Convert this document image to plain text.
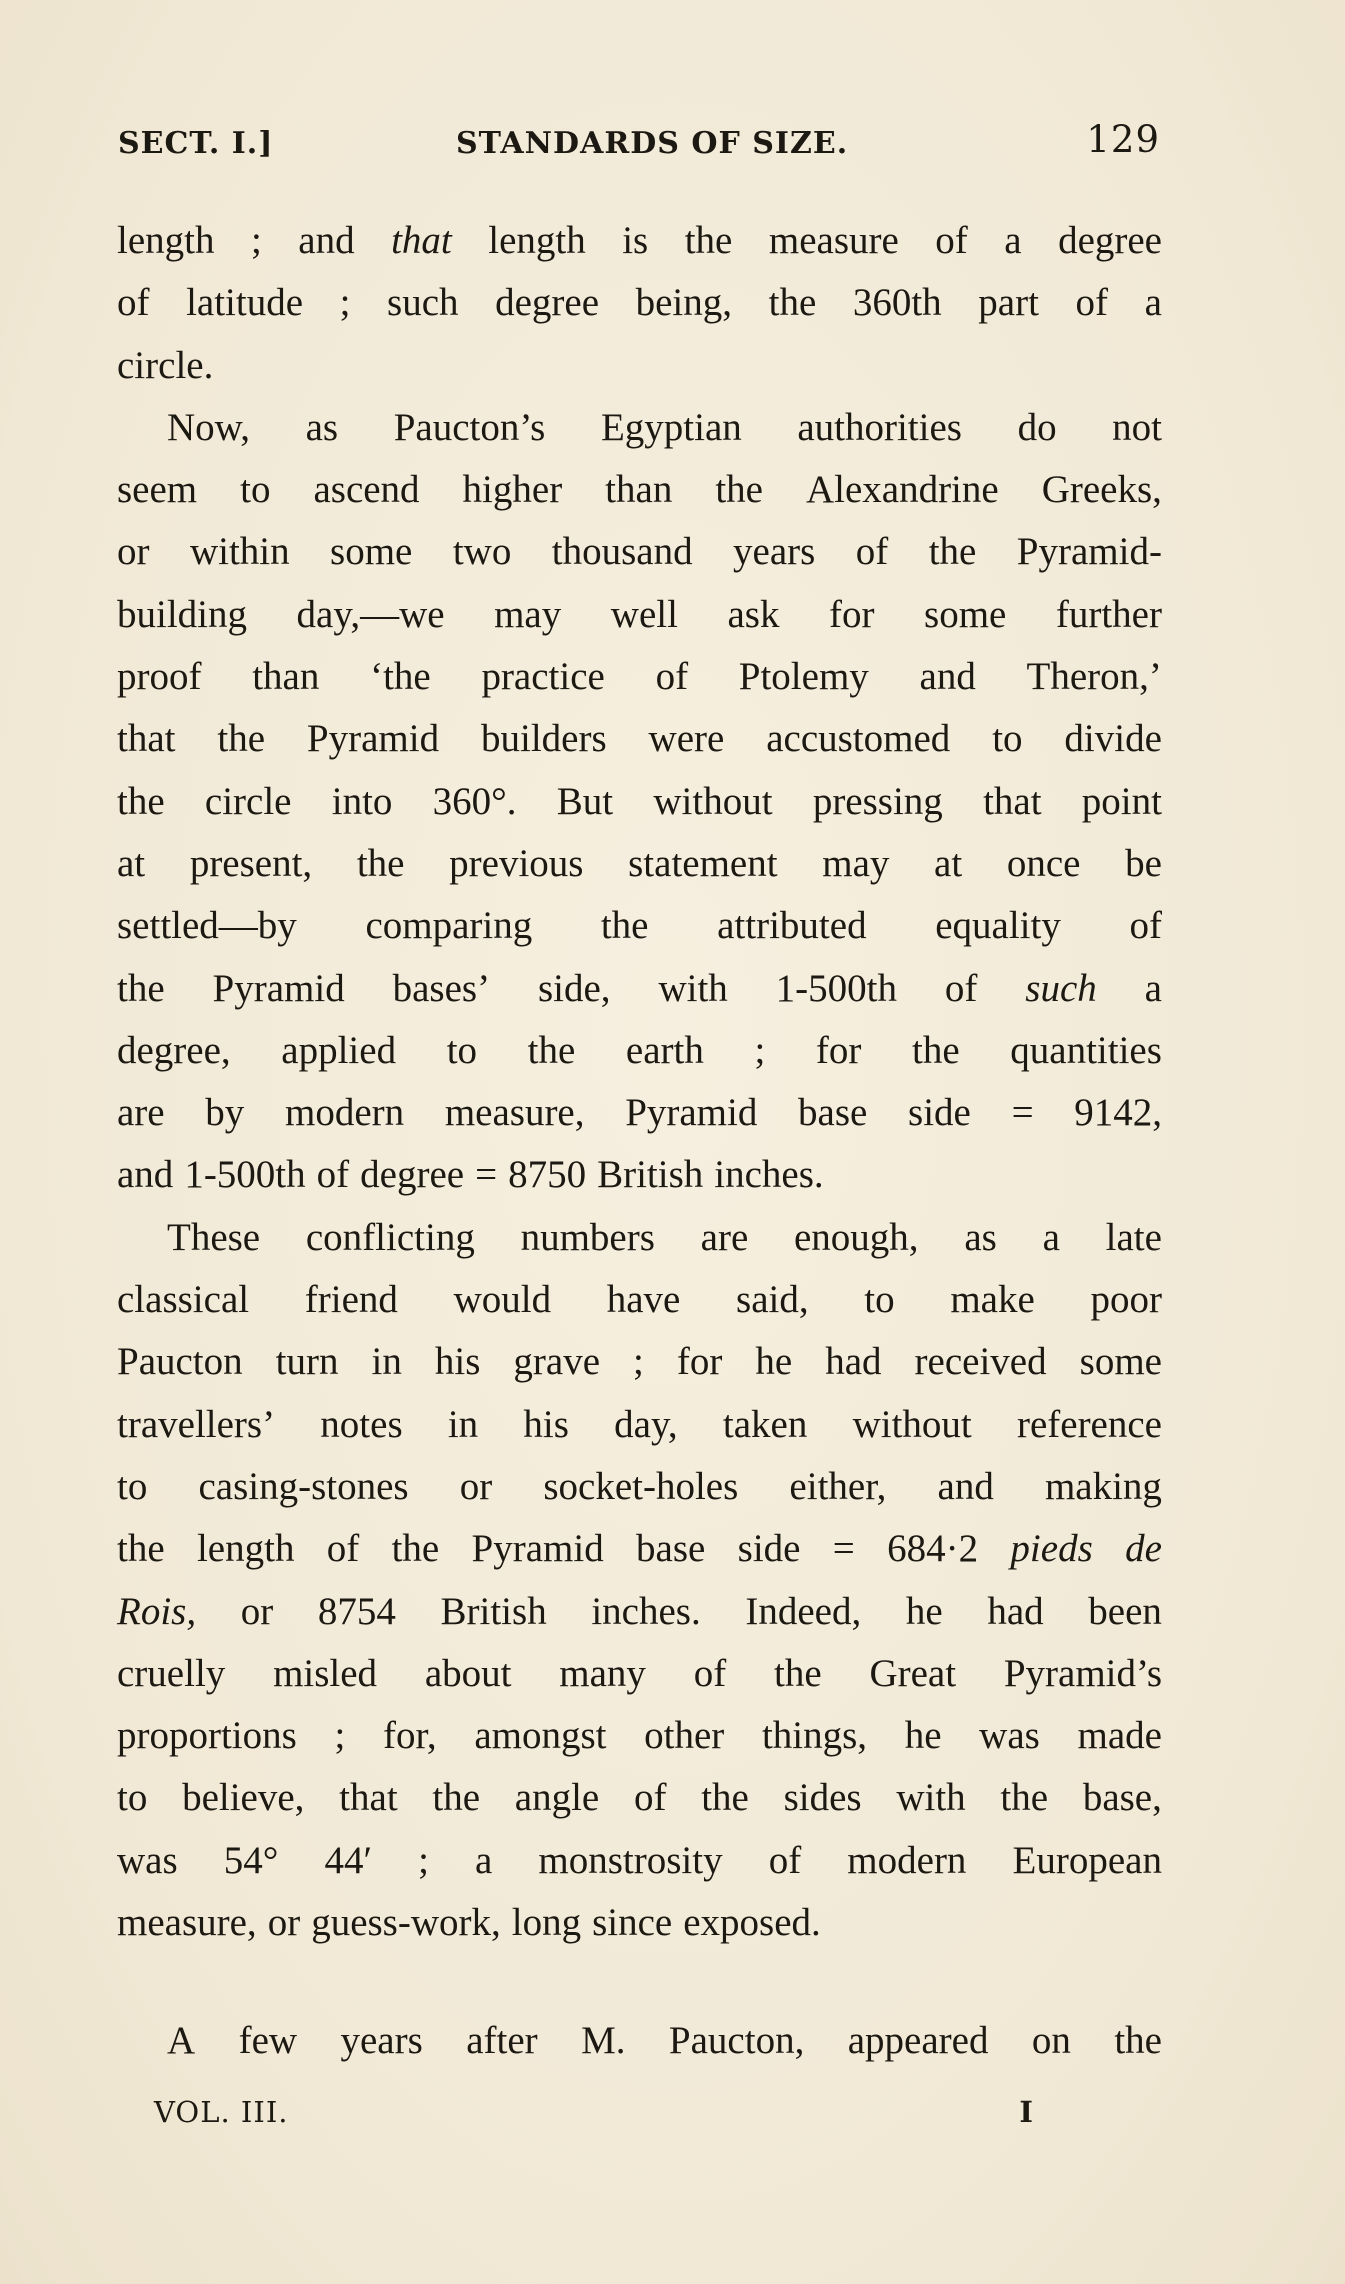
SECT. I.]	STANDARDS OF SIZE.	129
length ; and that length is the measure of a degree
of latitude ; such degree being, the 360th part of a
circle.
Now, as Paucton’s Egyptian authorities do not
seem to ascend higher than the Alexandrine Greeks,
or within some two thousand years of the Pyramid-
building day,—we may well ask for some further
proof than ‘the practice of Ptolemy and Theron,’
that the Pyramid builders were accustomed to divide
the circle into 360°. But without pressing that point
at present, the previous statement may at once be
settled—by comparing the attributed equality of
the Pyramid bases’ side, with 1-500th of such a
degree, applied to the earth ; for the quantities
are by modern measure, Pyramid base side = 9142,
and 1-500th of degree = 8750 British inches.
These conflicting numbers are enough, as a late
classical friend would have said, to make poor
Paucton turn in his grave ; for he had received some
travellers’ notes in his day, taken without reference
to casing-stones or socket-holes either, and making
the length of the Pyramid base side = 684·2 pieds de
Rois, or 8754 British inches. Indeed, he had been
cruelly misled about many of the Great Pyramid’s
proportions ; for, amongst other things, he was made
to believe, that the angle of the sides with the base,
was 54° 44′ ; a monstrosity of modern European
measure, or guess-work, long since exposed.
A few years after M. Paucton, appeared on the
VOL. III.	I
